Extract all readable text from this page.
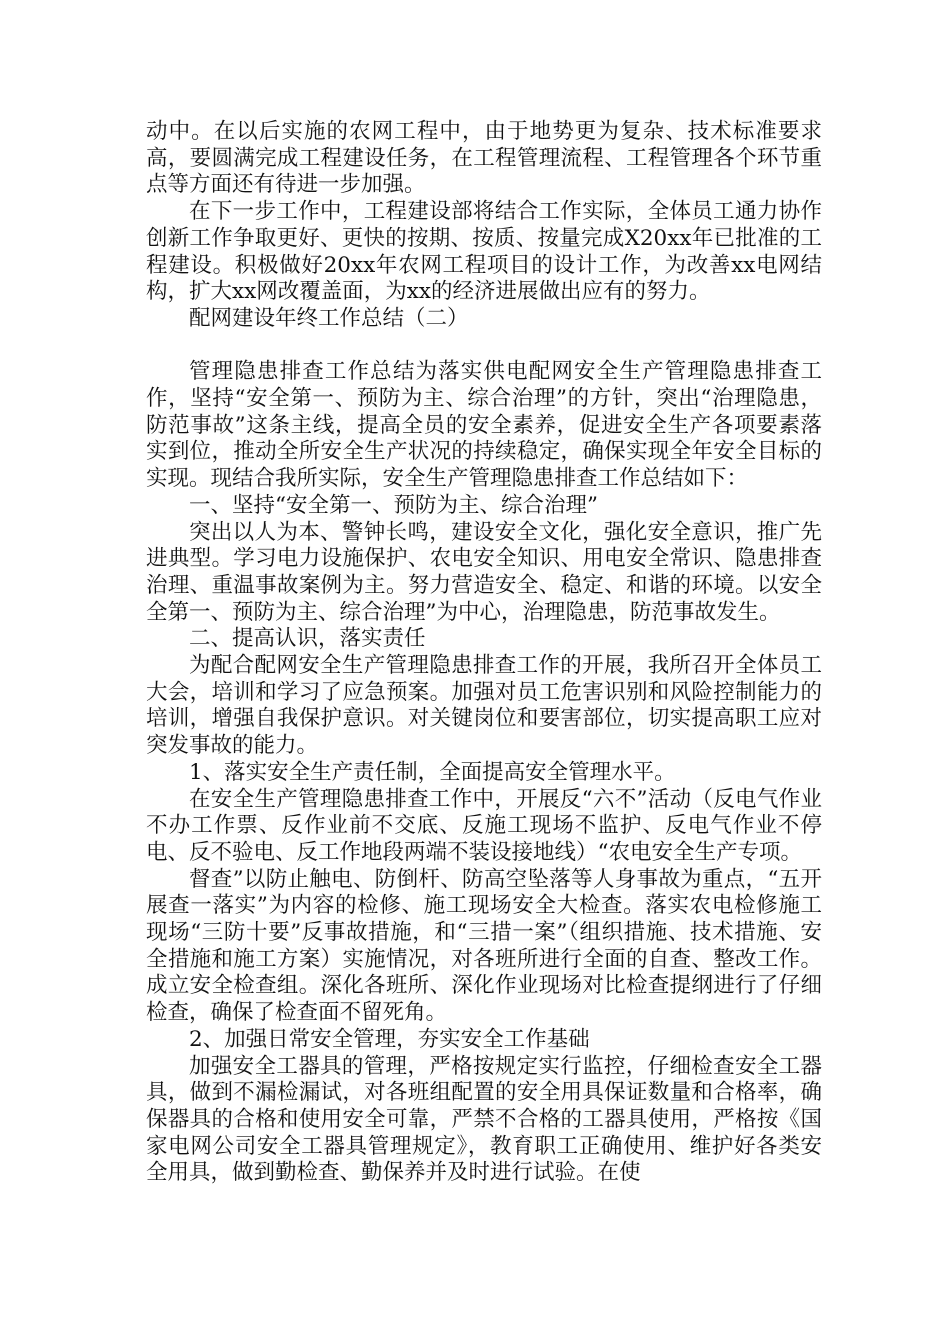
动中。在以后实施的农网工程中，由于地势更为复杂、技术标准要求高，要圆满完成工程建设任务，在工程管理流程、工程管理各个环节重点等方面还有待进一步加强。

在下一步工作中，工程建设部将结合工作实际，全体员工通力协作创新工作争取更好、更快的按期、按质、按量完成X20xx年已批准的工程建设。积极做好20xx年农网工程项目的设计工作，为改善xx电网结构，扩大xx网改覆盖面，为xx的经济进展做出应有的努力。

配网建设年终工作总结（二）

管理隐患排查工作总结为落实供电配网安全生产管理隐患排查工作，坚持“安全第一、预防为主、综合治理”的方针，突出“治理隐患，防范事故”这条主线，提高全员的安全素养，促进安全生产各项要素落实到位，推动全所安全生产状况的持续稳定，确保实现全年安全目标的实现。现结合我所实际，安全生产管理隐患排查工作总结如下：

一、坚持“安全第一、预防为主、综合治理”

突出以人为本、警钟长鸣，建设安全文化，强化安全意识，推广先进典型。学习电力设施保护、农电安全知识、用电安全常识、隐患排查治理、重温事故案例为主。努力营造安全、稳定、和谐的环境。以安全全第一、预防为主、综合治理”为中心，治理隐患，防范事故发生。

二、提高认识，落实责任

为配合配网安全生产管理隐患排查工作的开展，我所召开全体员工大会，培训和学习了应急预案。加强对员工危害识别和风险控制能力的培训，增强自我保护意识。对关键岗位和要害部位，切实提高职工应对突发事故的能力。

1、落实安全生产责任制，全面提高安全管理水平。

在安全生产管理隐患排查工作中，开展反“六不”活动（反电气作业不办工作票、反作业前不交底、反施工现场不监护、反电气作业不停电、反不验电、反工作地段两端不装设接地线）“农电安全生产专项。

督查”以防止触电、防倒杆、防高空坠落等人身事故为重点，“五开展查一落实”为内容的检修、施工现场安全大检查。落实农电检修施工现场“三防十要”反事故措施，和“三措一案”（组织措施、技术措施、安全措施和施工方案）实施情况，对各班所进行全面的自查、整改工作。成立安全检查组。深化各班所、深化作业现场对比检查提纲进行了仔细检查，确保了检查面不留死角。

2、加强日常安全管理，夯实安全工作基础

加强安全工器具的管理，严格按规定实行监控，仔细检查安全工器具，做到不漏检漏试，对各班组配置的安全用具保证数量和合格率，确保器具的合格和使用安全可靠，严禁不合格的工器具使用，严格按《国家电网公司安全工器具管理规定》，教育职工正确使用、维护好各类安全用具，做到勤检查、勤保养并及时进行试验。在使
